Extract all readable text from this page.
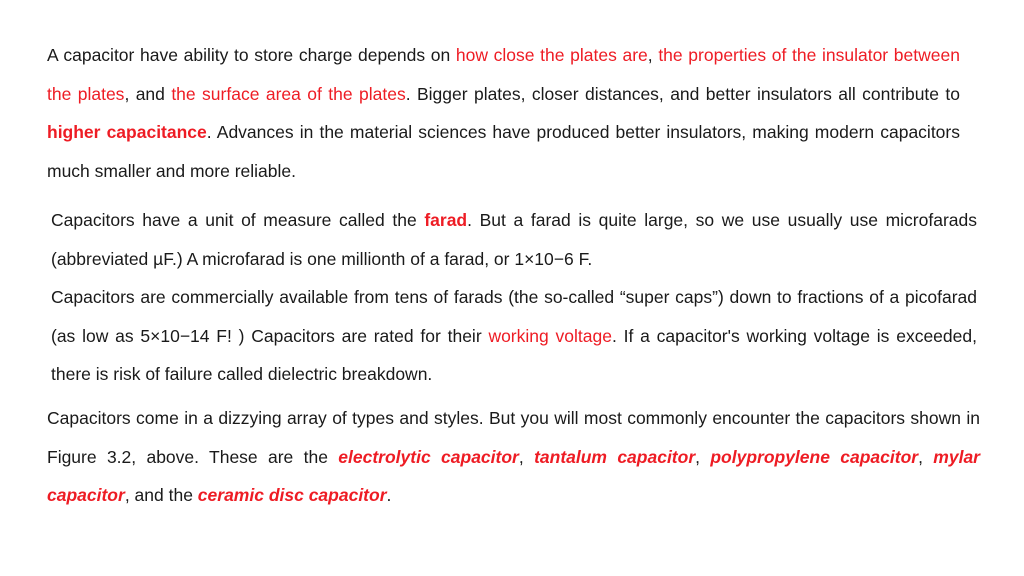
A capacitor have ability to store charge depends on how close the plates are, the properties of the insulator between the plates, and the surface area of the plates. Bigger plates, closer distances, and better insulators all contribute to higher capacitance. Advances in the material sciences have produced better insulators, making modern capacitors much smaller and more reliable.

Capacitors have a unit of measure called the farad. But a farad is quite large, so we use usually use microfarads (abbreviated µF.) A microfarad is one millionth of a farad, or 1×10−6 F.

Capacitors are commercially available from tens of farads (the so-called “super caps”) down to fractions of a picofarad (as low as 5×10−14 F! ) Capacitors are rated for their working voltage. If a capacitor's working voltage is exceeded, there is risk of failure called dielectric breakdown.

Capacitors come in a dizzying array of types and styles. But you will most commonly encounter the capacitors shown in Figure 3.2, above. These are the electrolytic capacitor, tantalum capacitor, polypropylene capacitor, mylar capacitor, and the ceramic disc capacitor.
